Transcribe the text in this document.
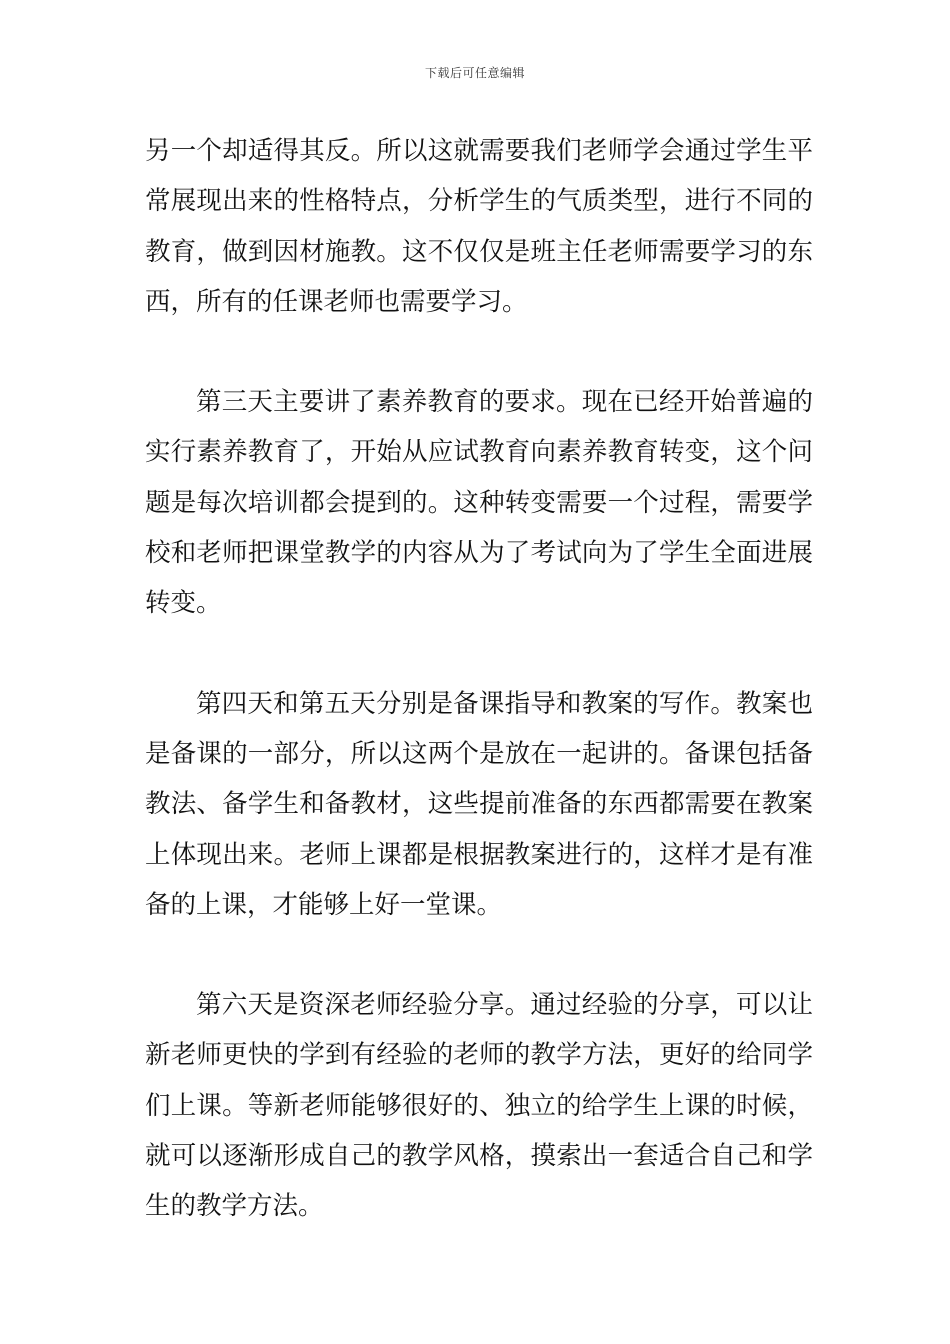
下载后可任意编辑

另一个却适得其反。所以这就需要我们老师学会通过学生平常展现出来的性格特点，分析学生的气质类型，进行不同的教育，做到因材施教。这不仅仅是班主任老师需要学习的东西，所有的任课老师也需要学习。

第三天主要讲了素养教育的要求。现在已经开始普遍的实行素养教育了，开始从应试教育向素养教育转变，这个问题是每次培训都会提到的。这种转变需要一个过程，需要学校和老师把课堂教学的内容从为了考试向为了学生全面进展转变。

第四天和第五天分别是备课指导和教案的写作。教案也是备课的一部分，所以这两个是放在一起讲的。备课包括备教法、备学生和备教材，这些提前准备的东西都需要在教案上体现出来。老师上课都是根据教案进行的，这样才是有准备的上课，才能够上好一堂课。

第六天是资深老师经验分享。通过经验的分享，可以让新老师更快的学到有经验的老师的教学方法，更好的给同学们上课。等新老师能够很好的、独立的给学生上课的时候，就可以逐渐形成自己的教学风格，摸索出一套适合自己和学生的教学方法。
